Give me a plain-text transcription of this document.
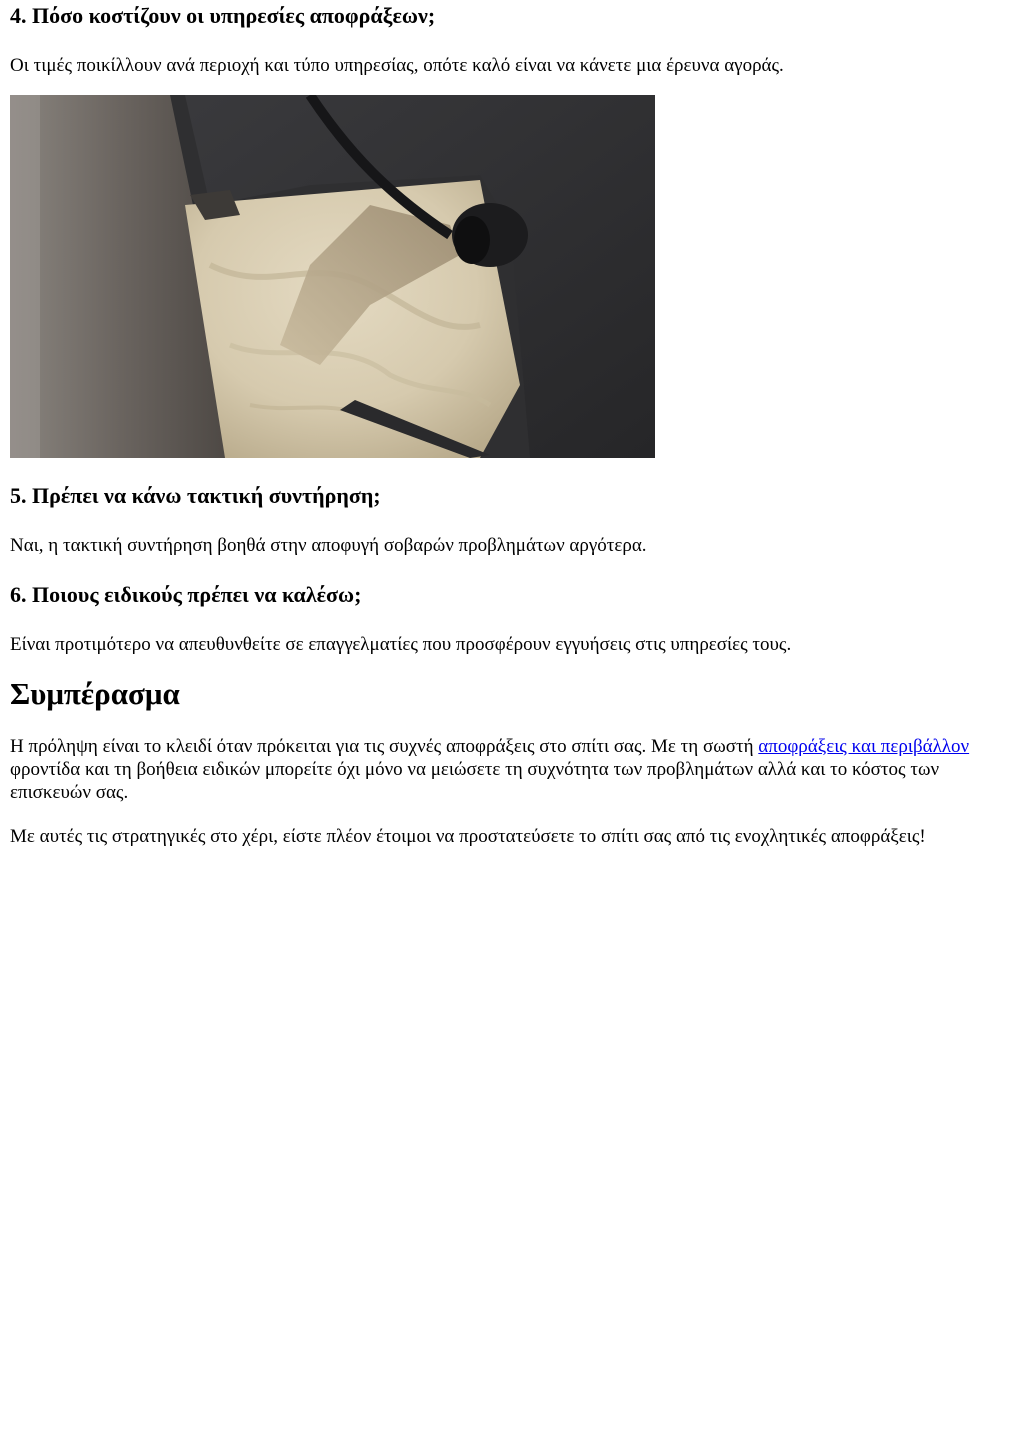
4. Πόσο κοστίζουν οι υπηρεσίες αποφράξεων;

Οι τιμές ποικίλλουν ανά περιοχή και τύπο υπηρεσίας, οπότε καλό είναι να κάνετε μια έρευνα αγοράς.

5. Πρέπει να κάνω τακτική συντήρηση;

Ναι, η τακτική συντήρηση βοηθά στην αποφυγή σοβαρών προβλημάτων αργότερα.

6. Ποιους ειδικούς πρέπει να καλέσω;

Είναι προτιμότερο να απευθυνθείτε σε επαγγελματίες που προσφέρουν εγγυήσεις στις υπηρεσίες τους.

Συμπέρασμα

Η πρόληψη είναι το κλειδί όταν πρόκειται για τις συχνές αποφράξεις στο σπίτι σας. Με τη σωστή αποφράξεις και περιβάλλον φροντίδα και τη βοήθεια ειδικών μπορείτε όχι μόνο να μειώσετε τη συχνότητα των προβλημάτων αλλά και το κόστος των επισκευών σας.

Με αυτές τις στρατηγικές στο χέρι, είστε πλέον έτοιμοι να προστατεύσετε το σπίτι σας από τις ενοχλητικές αποφράξεις!
